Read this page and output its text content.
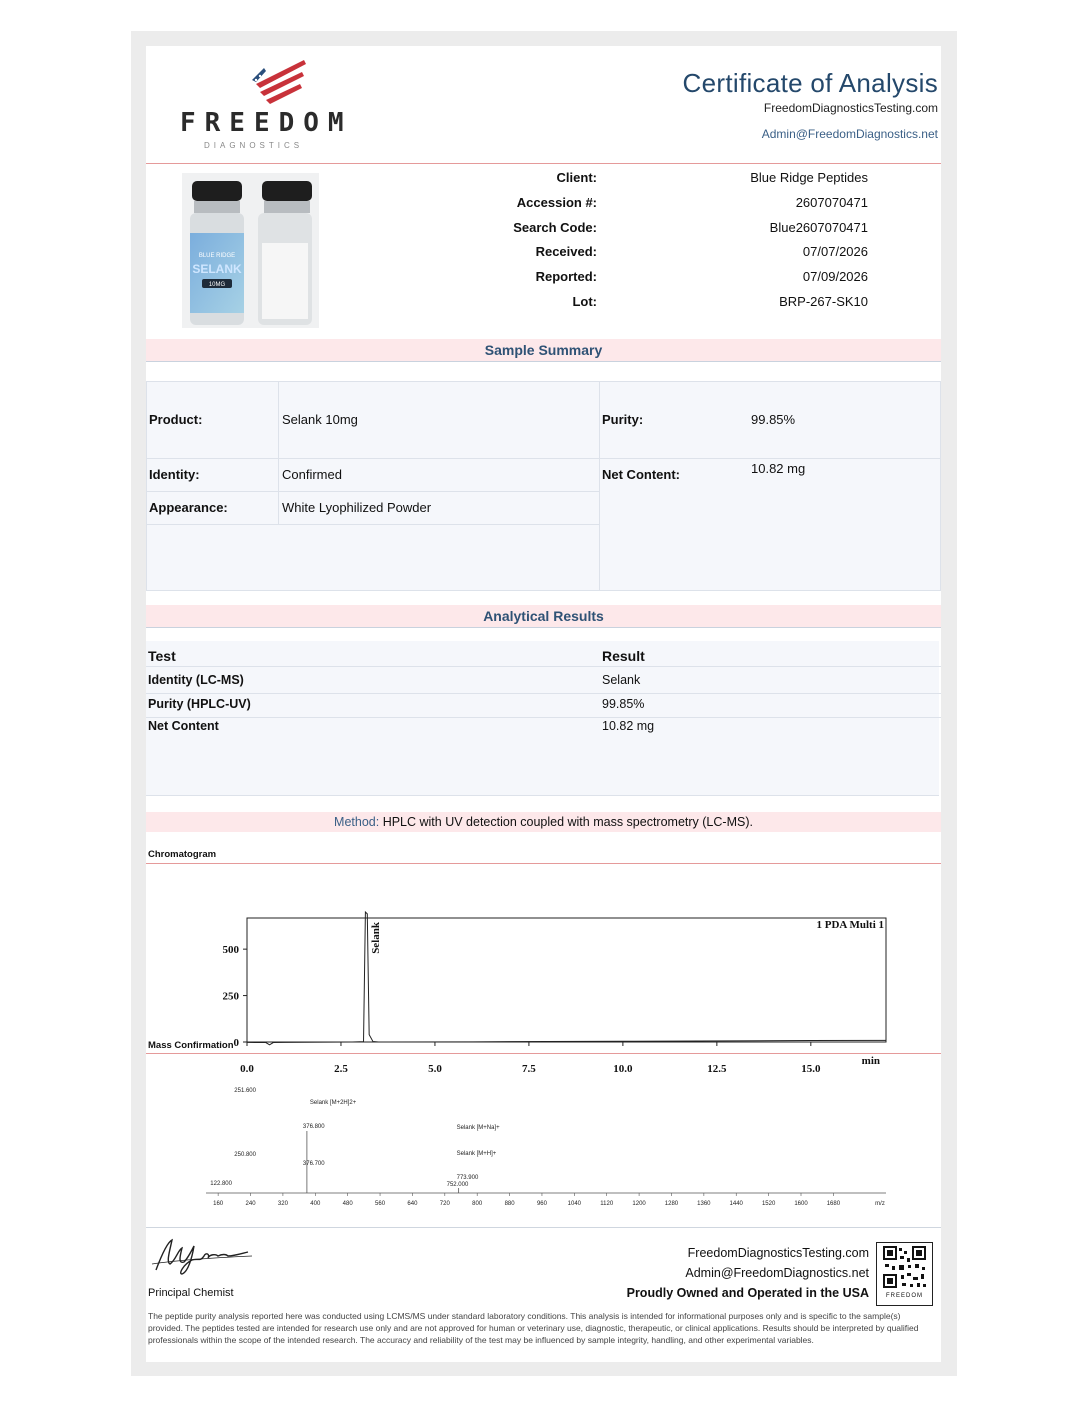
FREEDOM
DIAGNOSTICS
Certificate of Analysis
FreedomDiagnosticsTesting.com
Admin@FreedomDiagnostics.net
BLUE RIDGE
SELANK
10MG
Client:	Blue Ridge Peptides
Accession #:	2607070471
Search Code:	Blue2607070471
Received:	07/07/2026
Reported:	07/09/2026
Lot:	BRP-267-SK10
Sample Summary
Product:	Selank 10mg	Purity:	99.85%
Identity:	Confirmed	Net Content:	10.82 mg
Appearance:	White Lyophilized Powder
Analytical Results
Test	Result
Identity (LC-MS)	Selank
Purity (HPLC-UV)	99.85%
Net Content	10.82 mg
Method: HPLC with UV detection coupled with mass spectrometry (LC-MS).
Chromatogram
0
250
500
0.0	2.5	5.0	7.5	10.0	12.5	15.0
min
1 PDA Multi 1
Selank
Mass Confirmation
160	240	320	400	480	560	640	720	800	880	960	1040	1120	1200	1280	1360	1440	1520	1600	1680	m/z
122.800
250.800
251.600
376.800
376.700
773.900
752.000
Selank [M+2H]2+
Selank [M+Na]+
Selank [M+H]+
Principal Chemist
FreedomDiagnosticsTesting.com
Admin@FreedomDiagnostics.net
Proudly Owned and Operated in the USA	FREEDOM
The peptide purity analysis reported here was conducted using LCMS/MS under standard laboratory conditions. This analysis is intended for informational purposes only and is specific to the sample(s) provided. The peptides tested are intended for research use only and are not approved for human or veterinary use, diagnostic, therapeutic, or clinical applications. Results should be interpreted by qualified professionals within the scope of the intended research. The accuracy and reliability of the test may be influenced by sample integrity, handling, and other experimental variables.
